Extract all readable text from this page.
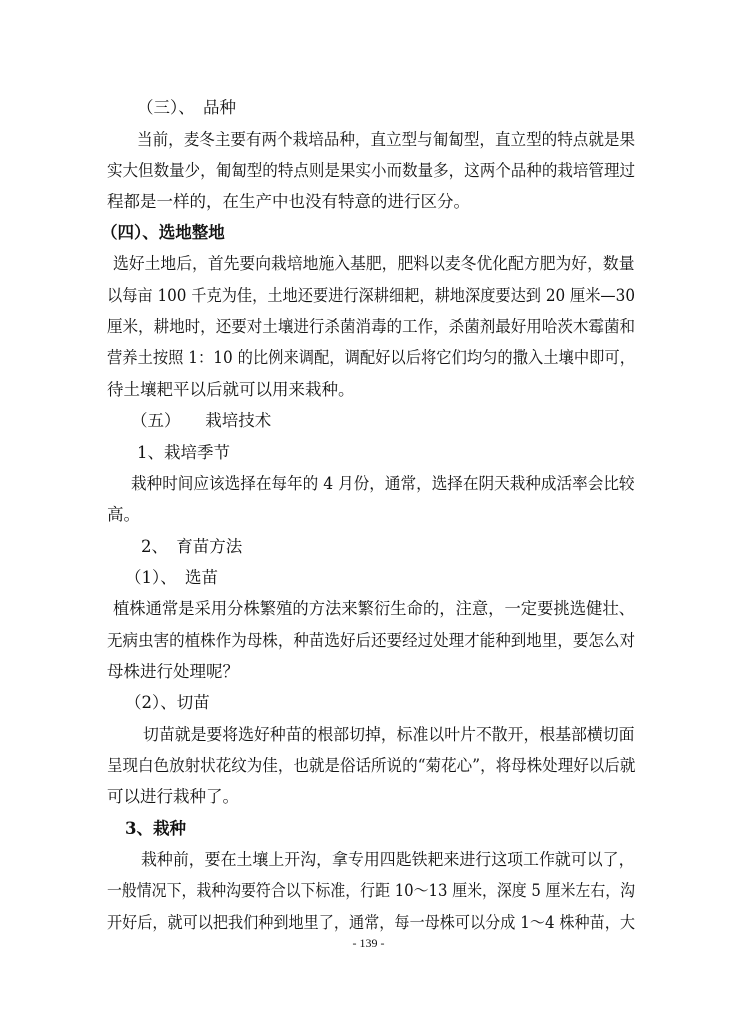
（三）、　品种
当前，麦冬主要有两个栽培品种，直立型与匍匐型，直立型的特点就是果
实大但数量少，匍匐型的特点则是果实小而数量多，这两个品种的栽培管理过
程都是一样的，在生产中也没有特意的进行区分。
（四）、选地整地
选好土地后，首先要向栽培地施入基肥，肥料以麦冬优化配方肥为好，数量
以每亩 100 千克为佳，土地还要进行深耕细耙，耕地深度要达到 20 厘米—30
厘米，耕地时，还要对土壤进行杀菌消毒的工作，杀菌剂最好用哈茨木霉菌和
营养土按照 1：10 的比例来调配，调配好以后将它们均匀的撒入土壤中即可，
待土壤耙平以后就可以用来栽种。
（五）　　栽培技术
1、栽培季节
栽种时间应该选择在每年的 4 月份，通常，选择在阴天栽种成活率会比较
高。
2、　育苗方法
（1）、　选苗
植株通常是采用分株繁殖的方法来繁衍生命的，注意，一定要挑选健壮、
无病虫害的植株作为母株，种苗选好后还要经过处理才能种到地里，要怎么对
母株进行处理呢？
（2）、切苗
切苗就是要将选好种苗的根部切掉，标准以叶片不散开，根基部横切面
呈现白色放射状花纹为佳，也就是俗话所说的“菊花心”，将母株处理好以后就
可以进行栽种了。
3、栽种
栽种前，要在土壤上开沟，拿专用四匙铁耙来进行这项工作就可以了，
一般情况下，栽种沟要符合以下标准，行距 10～13 厘米，深度 5 厘米左右，沟
开好后，就可以把我们种到地里了，通常，每一母株可以分成 1～4 株种苗，大
- 139 -
